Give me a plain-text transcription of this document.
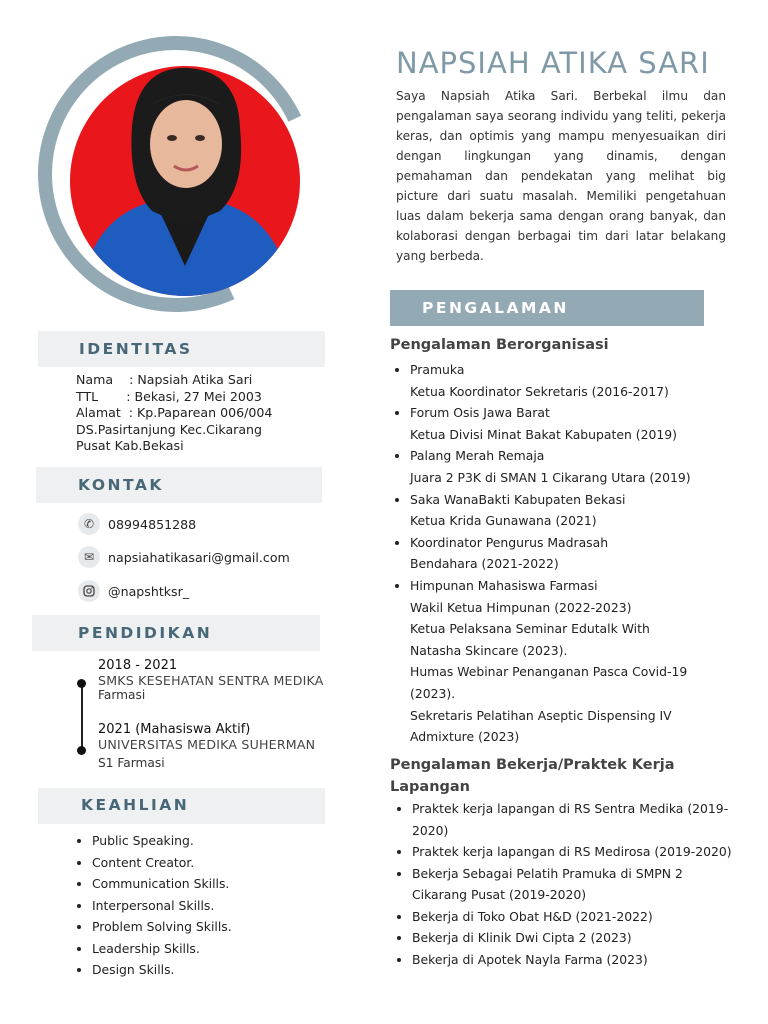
NAPSIAH ATIKA SARI
Saya Napsiah Atika Sari. Berbekal ilmu dan pengalaman saya seorang individu yang teliti, pekerja keras, dan optimis yang mampu menyesuaikan diri dengan lingkungan yang dinamis, dengan pemahaman dan pendekatan yang melihat big picture dari suatu masalah. Memiliki pengetahuan luas dalam bekerja sama dengan orang banyak, dan kolaborasi dengan berbagai tim dari latar belakang yang berbeda.
IDENTITAS
Nama    : Napsiah Atika Sari
TTL       : Bekasi, 27 Mei 2003
Alamat  : Kp.Paparean 006/004
DS.Pasirtanjung Kec.Cikarang
Pusat Kab.Bekasi
KONTAK
✆	08994851288
✉	napsiahatikasari@gmail.com
@napshtksr_
PENDIDIKAN
2018 - 2021
SMKS KESEHATAN SENTRA MEDIKA
Farmasi
2021 (Mahasiswa Aktif)
UNIVERSITAS MEDIKA SUHERMAN
S1 Farmasi
KEAHLIAN
• Public Speaking.
• Content Creator.
• Communication Skills.
• Interpersonal Skills.
• Problem Solving Skills.
• Leadership Skills.
• Design Skills.
PENGALAMAN
Pengalaman Berorganisasi
• Pramuka
Ketua Koordinator Sekretaris (2016-2017)
• Forum Osis Jawa Barat
Ketua Divisi Minat Bakat Kabupaten (2019)
• Palang Merah Remaja
Juara 2 P3K di SMAN 1 Cikarang Utara (2019)
• Saka WanaBakti Kabupaten Bekasi
Ketua Krida Gunawana (2021)
• Koordinator Pengurus Madrasah
Bendahara (2021-2022)
• Himpunan Mahasiswa Farmasi
Wakil Ketua Himpunan (2022-2023)
Ketua Pelaksana Seminar Edutalk With Natasha Skincare (2023).
Humas Webinar Penanganan Pasca Covid-19 (2023).
Sekretaris Pelatihan Aseptic Dispensing IV Admixture (2023)
Pengalaman Bekerja/Praktek Kerja Lapangan
• Praktek kerja lapangan di RS Sentra Medika (2019-2020)
• Praktek kerja lapangan di RS Medirosa (2019-2020)
• Bekerja Sebagai Pelatih Pramuka di SMPN 2 Cikarang Pusat (2019-2020)
• Bekerja di Toko Obat H&D (2021-2022)
• Bekerja di Klinik Dwi Cipta 2 (2023)
• Bekerja di Apotek Nayla Farma (2023)
